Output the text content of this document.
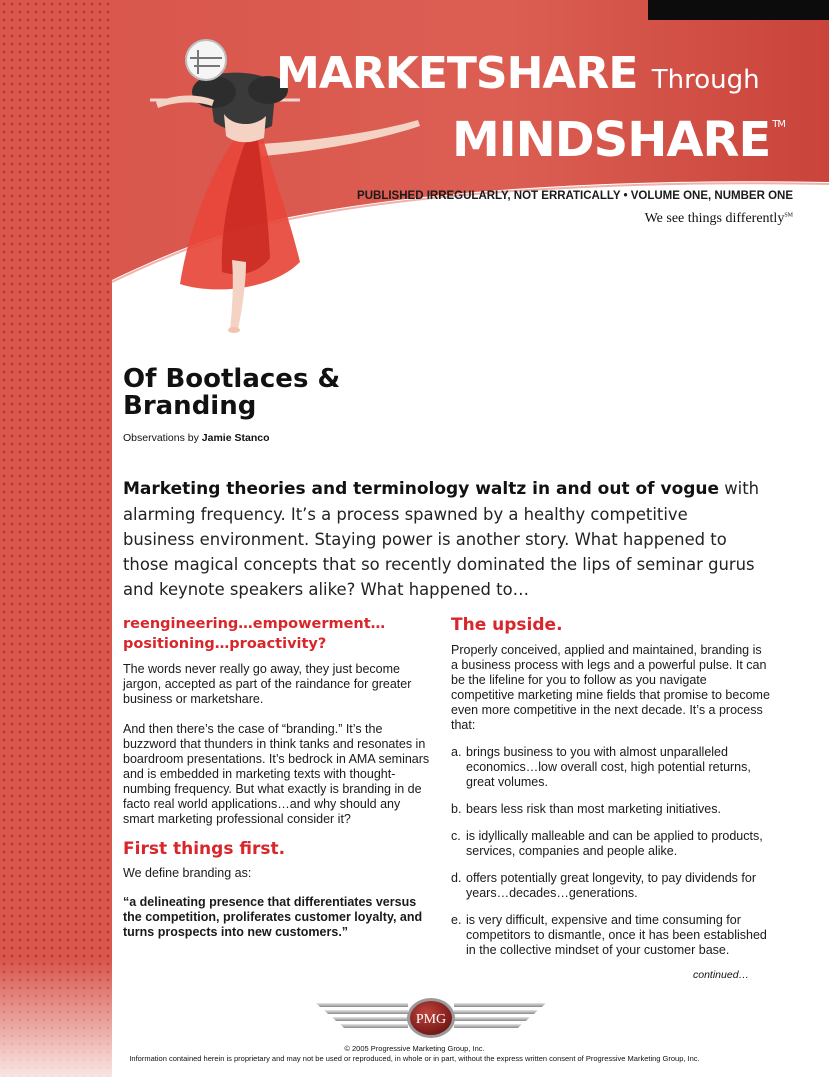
MARKETSHARE Through
MINDSHARE ™
PUBLISHED IRREGULARLY, NOT ERRATICALLY • VOLUME ONE, NUMBER ONE
We see things differently℠
Of Bootlaces &
Branding
Observations by Jamie Stanco
Marketing theories and terminology waltz in and out of vogue with alarming frequency. It’s a process spawned by a healthy competitive business environment. Staying power is another story. What happened to those magical concepts that so recently dominated the lips of seminar gurus and keynote speakers alike? What happened to…
reengineering…empowerment…
positioning…proactivity?

The words never really go away, they just become jargon, accepted as part of the raindance for greater business or marketshare.

And then there’s the case of “branding.” It’s the buzzword that thunders in think tanks and resonates in boardroom presentations. It’s bedrock in AMA seminars and is embedded in marketing texts with thought-numbing frequency. But what exactly is branding in de facto real world applications…and why should any smart marketing professional consider it?

First things first.

We define branding as:

“a delineating presence that differentiates versus the competition, proliferates customer loyalty, and turns prospects into new customers.”

The upside.

Properly conceived, applied and maintained, branding is a business process with legs and a powerful pulse. It can be the lifeline for you to follow as you navigate competitive marketing mine fields that promise to become even more competitive in the next decade. It’s a process that:

a. brings business to you with almost unparalleled economics…low overall cost, high potential returns, great volumes.
b. bears less risk than most marketing initiatives.
c. is idyllically malleable and can be applied to products, services, companies and people alike.
d. offers potentially great longevity, to pay dividends for years…decades…generations.
e. is very difficult, expensive and time consuming for competitors to dismantle, once it has been established in the collective mindset of your customer base.
continued…
PMG
© 2005 Progressive Marketing Group, Inc.
Information contained herein is proprietary and may not be used or reproduced, in whole or in part, without the express written consent of Progressive Marketing Group, Inc.
